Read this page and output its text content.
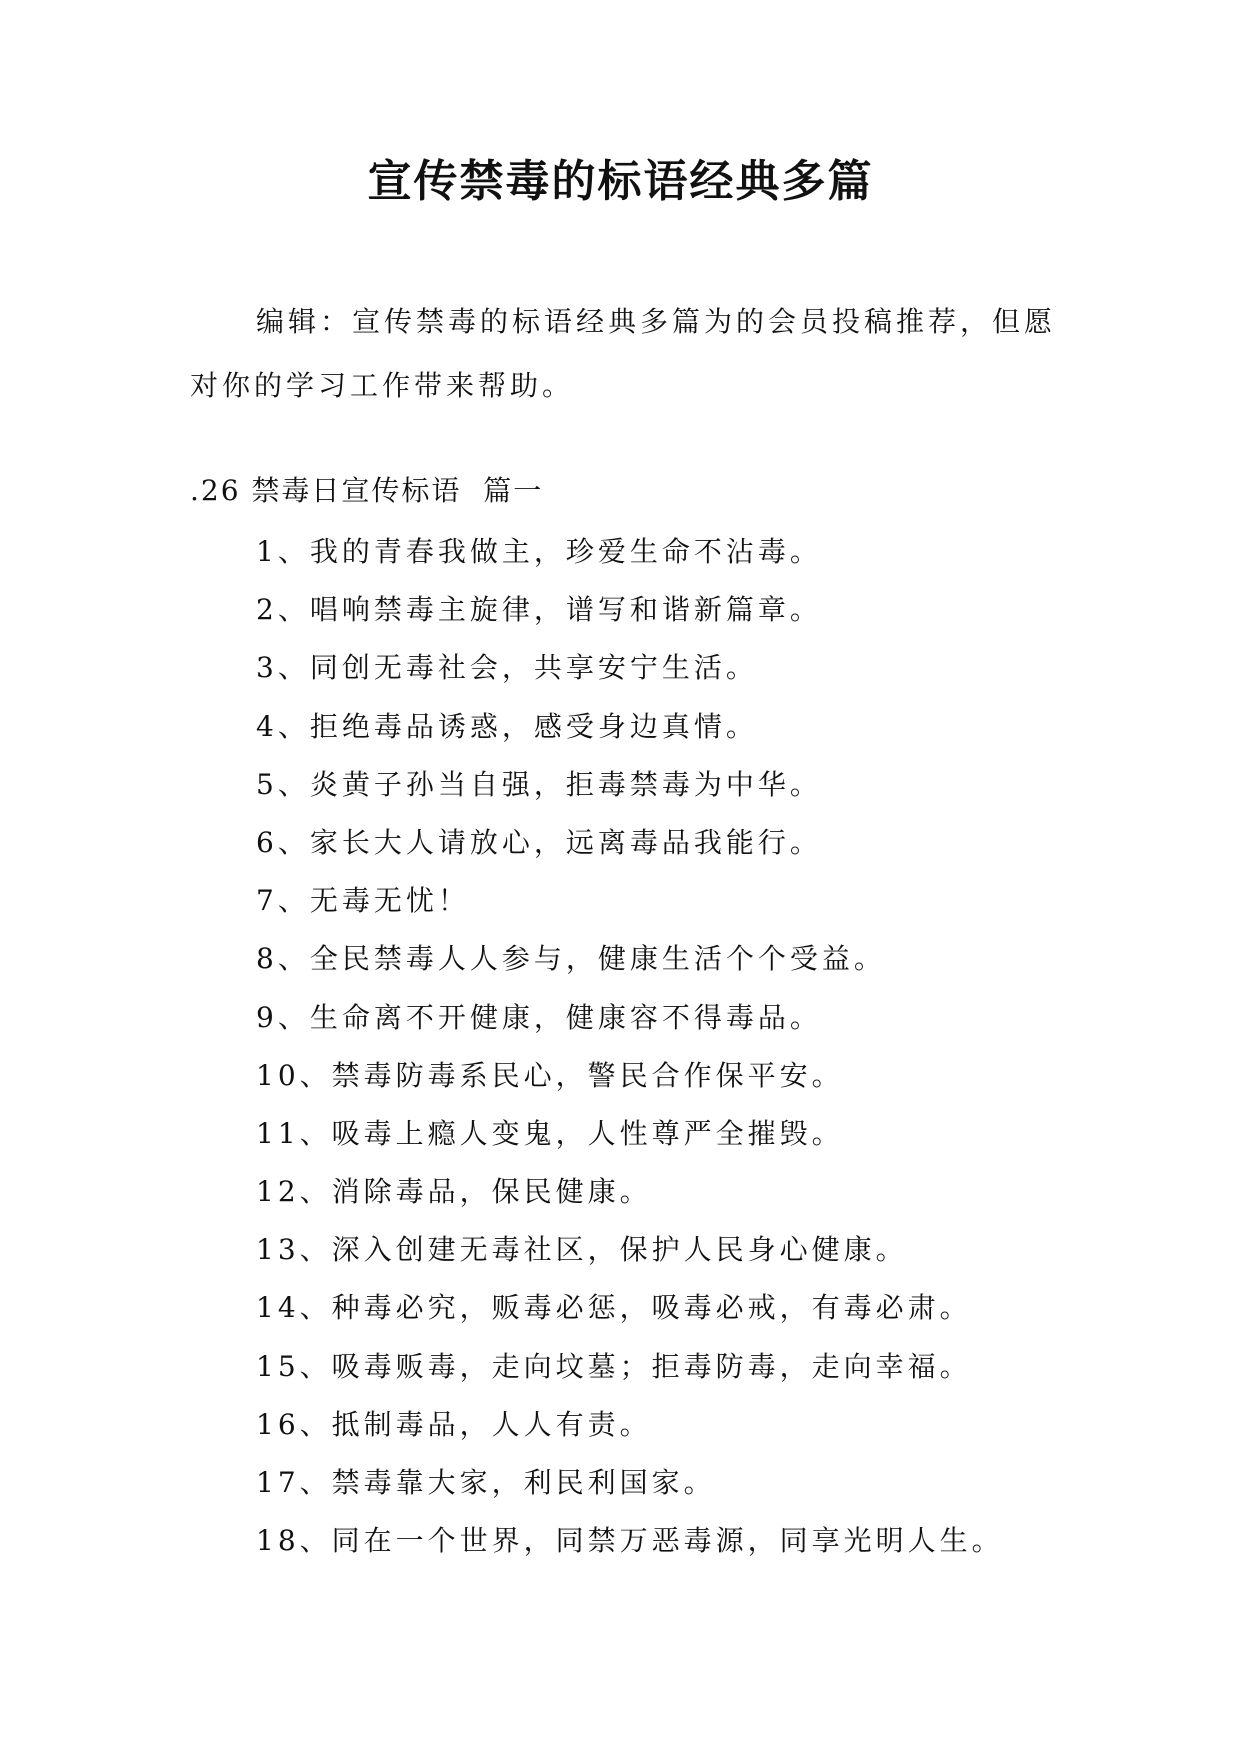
宣传禁毒的标语经典多篇

编辑：宣传禁毒的标语经典多篇为的会员投稿推荐，但愿对你的学习工作带来帮助。

.26 禁毒日宣传标语  篇一

1、我的青春我做主，珍爱生命不沾毒。
2、唱响禁毒主旋律，谱写和谐新篇章。
3、同创无毒社会，共享安宁生活。
4、拒绝毒品诱惑，感受身边真情。
5、炎黄子孙当自强，拒毒禁毒为中华。
6、家长大人请放心，远离毒品我能行。
7、无毒无忧！
8、全民禁毒人人参与，健康生活个个受益。
9、生命离不开健康，健康容不得毒品。
10、禁毒防毒系民心，警民合作保平安。
11、吸毒上瘾人变鬼，人性尊严全摧毁。
12、消除毒品，保民健康。
13、深入创建无毒社区，保护人民身心健康。
14、种毒必究，贩毒必惩，吸毒必戒，有毒必肃。
15、吸毒贩毒，走向坟墓；拒毒防毒，走向幸福。
16、抵制毒品，人人有责。
17、禁毒靠大家，利民利国家。
18、同在一个世界，同禁万恶毒源，同享光明人生。
